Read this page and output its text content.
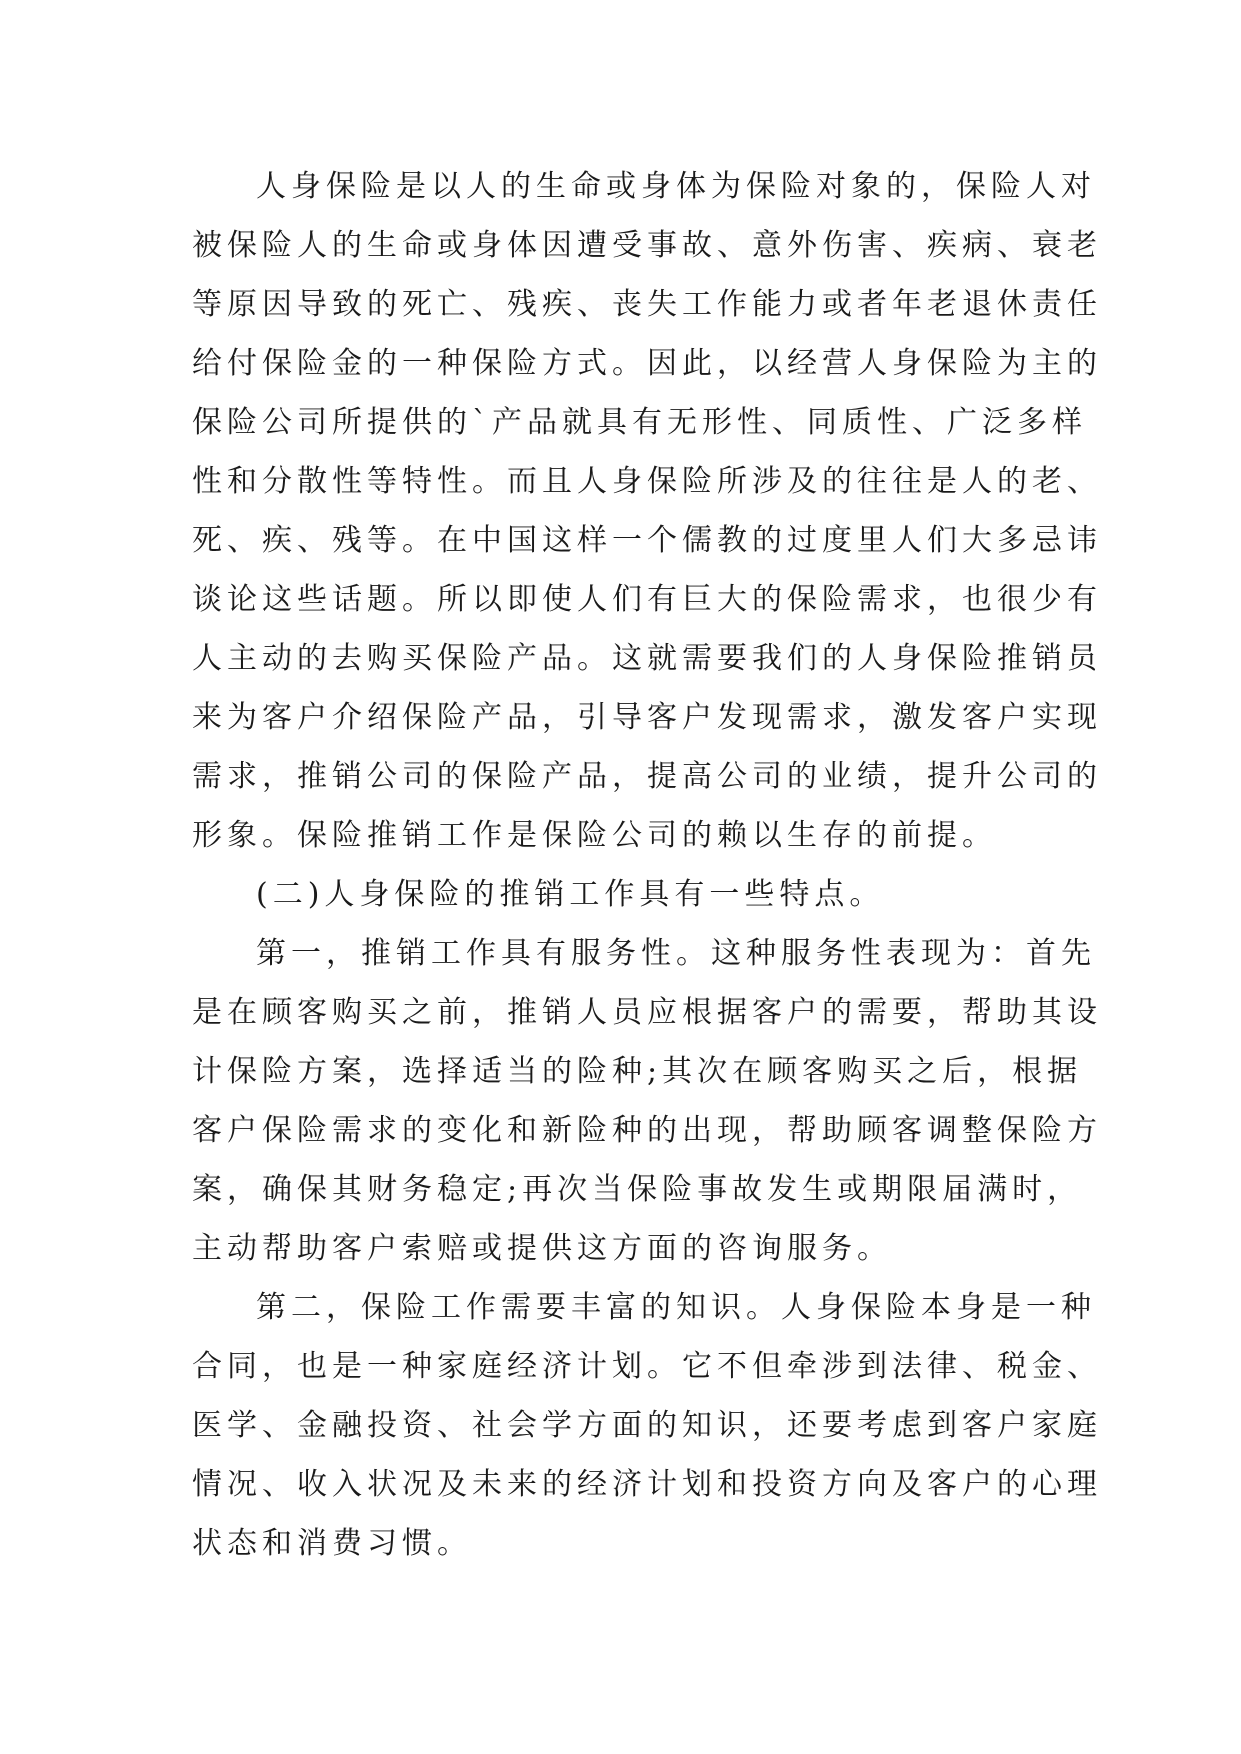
人身保险是以人的生命或身体为保险对象的，保险人对
被保险人的生命或身体因遭受事故、意外伤害、疾病、衰老
等原因导致的死亡、残疾、丧失工作能力或者年老退休责任
给付保险金的一种保险方式。因此，以经营人身保险为主的
保险公司所提供的`产品就具有无形性、同质性、广泛多样
性和分散性等特性。而且人身保险所涉及的往往是人的老、
死、疾、残等。在中国这样一个儒教的过度里人们大多忌讳
谈论这些话题。所以即使人们有巨大的保险需求，也很少有
人主动的去购买保险产品。这就需要我们的人身保险推销员
来为客户介绍保险产品，引导客户发现需求，激发客户实现
需求，推销公司的保险产品，提高公司的业绩，提升公司的
形象。保险推销工作是保险公司的赖以生存的前提。
(二)人身保险的推销工作具有一些特点。
第一，推销工作具有服务性。这种服务性表现为：首先
是在顾客购买之前，推销人员应根据客户的需要，帮助其设
计保险方案，选择适当的险种;其次在顾客购买之后，根据
客户保险需求的变化和新险种的出现，帮助顾客调整保险方
案，确保其财务稳定;再次当保险事故发生或期限届满时，
主动帮助客户索赔或提供这方面的咨询服务。
第二，保险工作需要丰富的知识。人身保险本身是一种
合同，也是一种家庭经济计划。它不但牵涉到法律、税金、
医学、金融投资、社会学方面的知识，还要考虑到客户家庭
情况、收入状况及未来的经济计划和投资方向及客户的心理
状态和消费习惯。
